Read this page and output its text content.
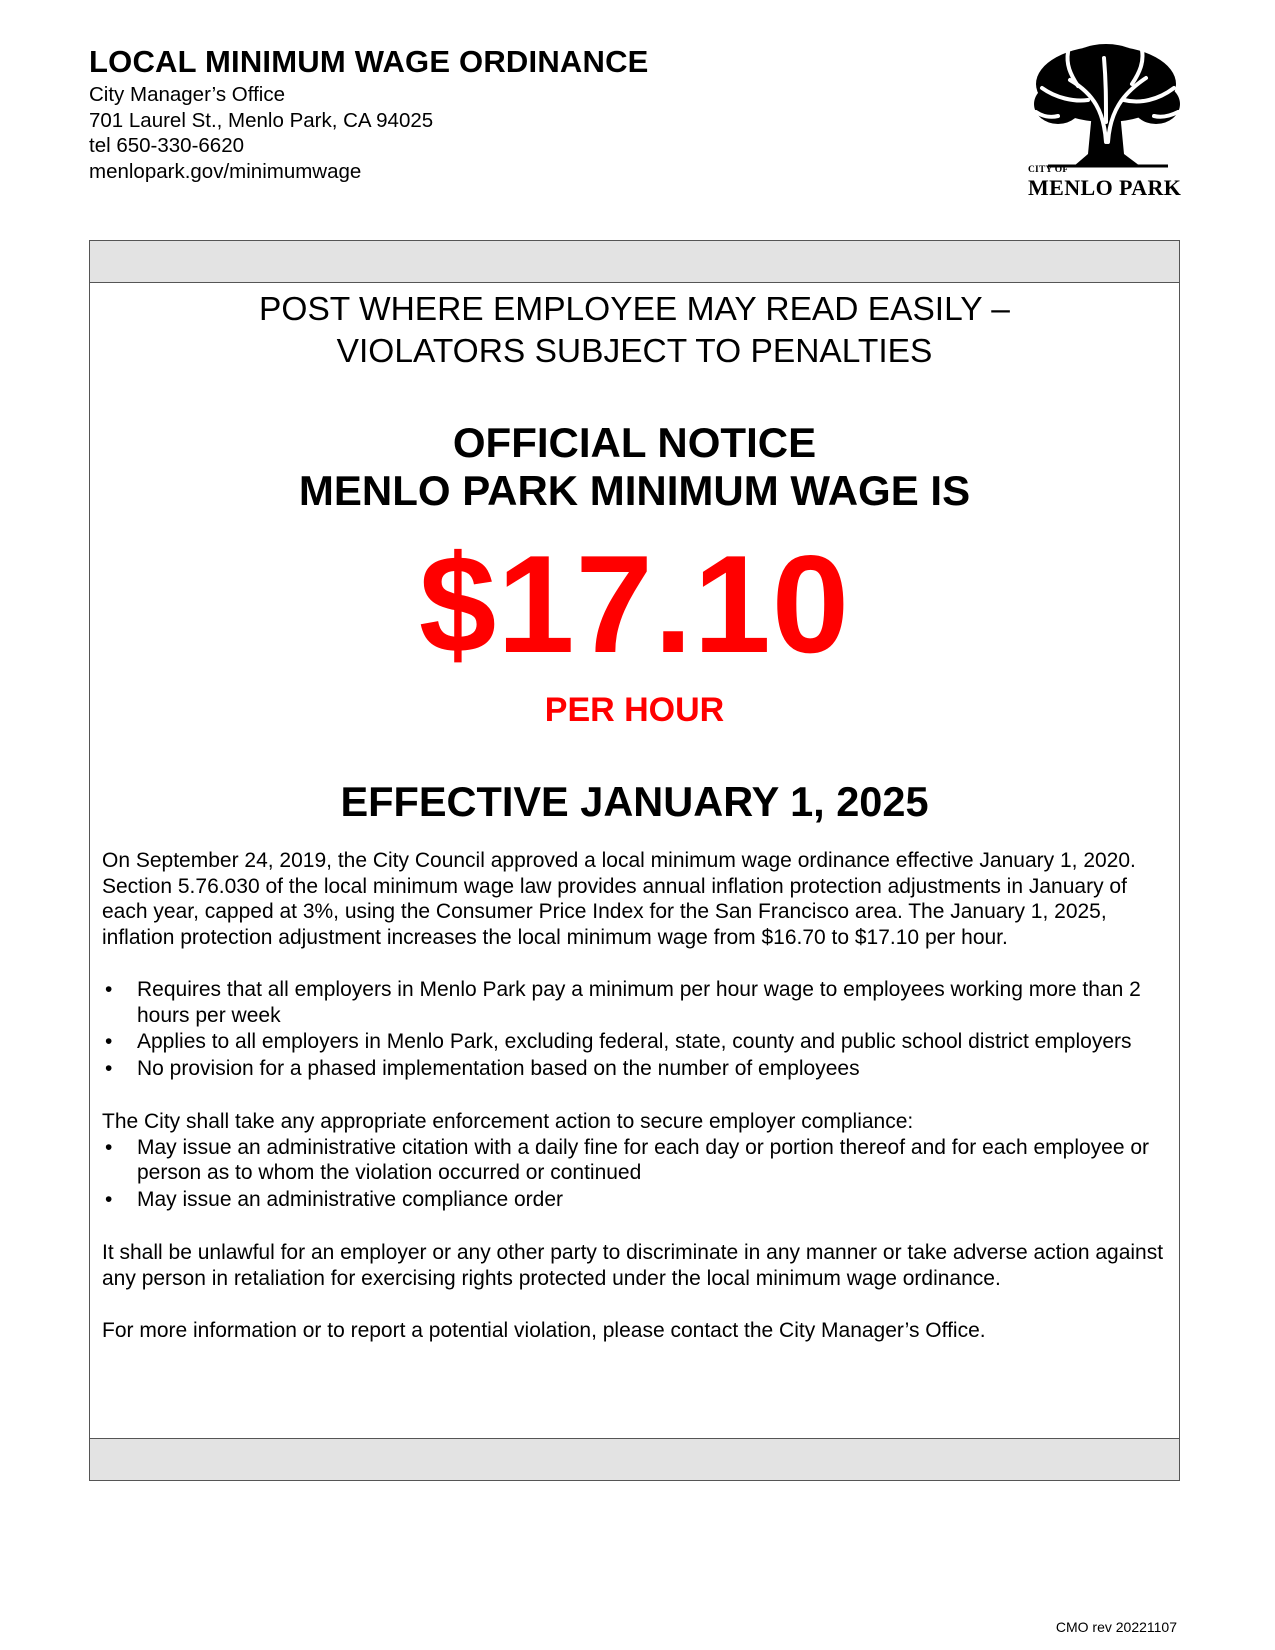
LOCAL MINIMUM WAGE ORDINANCE
City Manager’s Office
701 Laurel St., Menlo Park, CA 94025
tel 650-330-6620
menlopark.gov/minimumwage	CITY OF
MENLO PARK
POST WHERE EMPLOYEE MAY READ EASILY –
VIOLATORS SUBJECT TO PENALTIES
OFFICIAL NOTICE
MENLO PARK MINIMUM WAGE IS
$17.10
PER HOUR
EFFECTIVE JANUARY 1, 2025

On September 24, 2019, the City Council approved a local minimum wage ordinance effective January 1, 2020. Section 5.76.030 of the local minimum wage law provides annual inflation protection adjustments in January of each year, capped at 3%, using the Consumer Price Index for the San Francisco area. The January 1, 2025, inflation protection adjustment increases the local minimum wage from $16.70 to $17.10 per hour.

• Requires that all employers in Menlo Park pay a minimum per hour wage to employees working more than 2 hours per week
• Applies to all employers in Menlo Park, excluding federal, state, county and public school district employers
• No provision for a phased implementation based on the number of employees

The City shall take any appropriate enforcement action to secure employer compliance:

• May issue an administrative citation with a daily fine for each day or portion thereof and for each employee or person as to whom the violation occurred or continued
• May issue an administrative compliance order

It shall be unlawful for an employer or any other party to discriminate in any manner or take adverse action against any person in retaliation for exercising rights protected under the local minimum wage ordinance.

For more information or to report a potential violation, please contact the City Manager’s Office.

CMO rev 20221107
